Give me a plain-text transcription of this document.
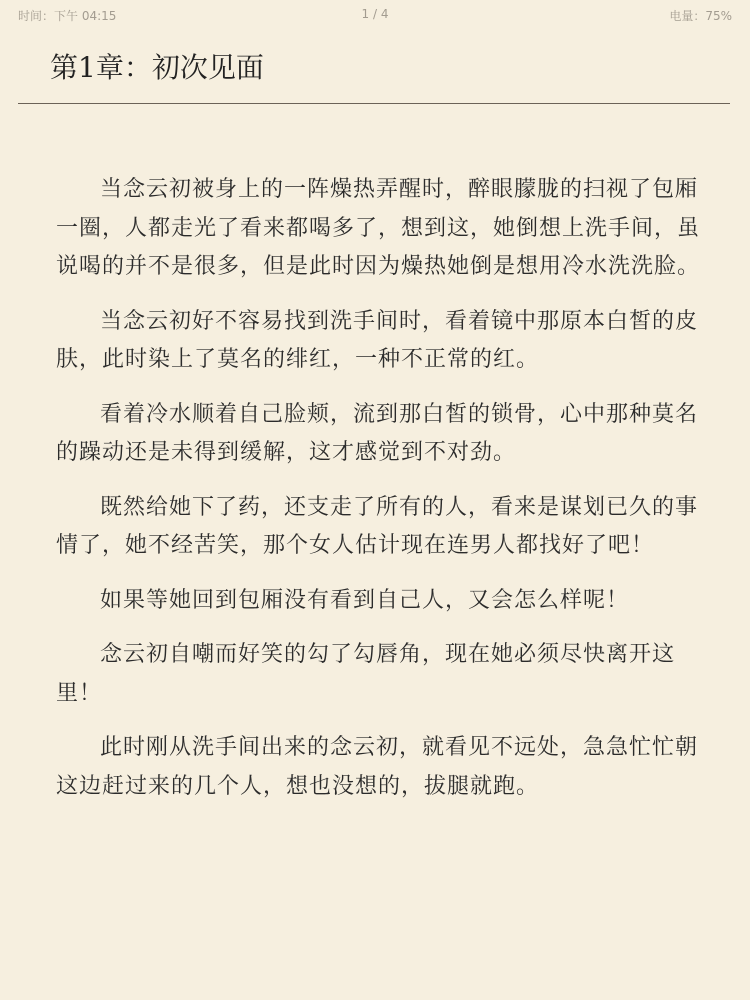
时间：下午 04:15	1 / 4	电量：75%
第1章：初次见面

当念云初被身上的一阵燥热弄醒时，醉眼朦胧的扫视了包厢一圈，人都走光了看来都喝多了，想到这，她倒想上洗手间，虽说喝的并不是很多，但是此时因为燥热她倒是想用冷水洗洗脸。

当念云初好不容易找到洗手间时，看着镜中那原本白皙的皮肤，此时染上了莫名的绯红，一种不正常的红。

看着冷水顺着自己脸颊，流到那白皙的锁骨，心中那种莫名的躁动还是未得到缓解，这才感觉到不对劲。

既然给她下了药，还支走了所有的人，看来是谋划已久的事情了，她不经苦笑，那个女人估计现在连男人都找好了吧！

如果等她回到包厢没有看到自己人，又会怎么样呢！

念云初自嘲而好笑的勾了勾唇角，现在她必须尽快离开这里！

此时刚从洗手间出来的念云初，就看见不远处，急急忙忙朝这边赶过来的几个人，想也没想的，拔腿就跑。
